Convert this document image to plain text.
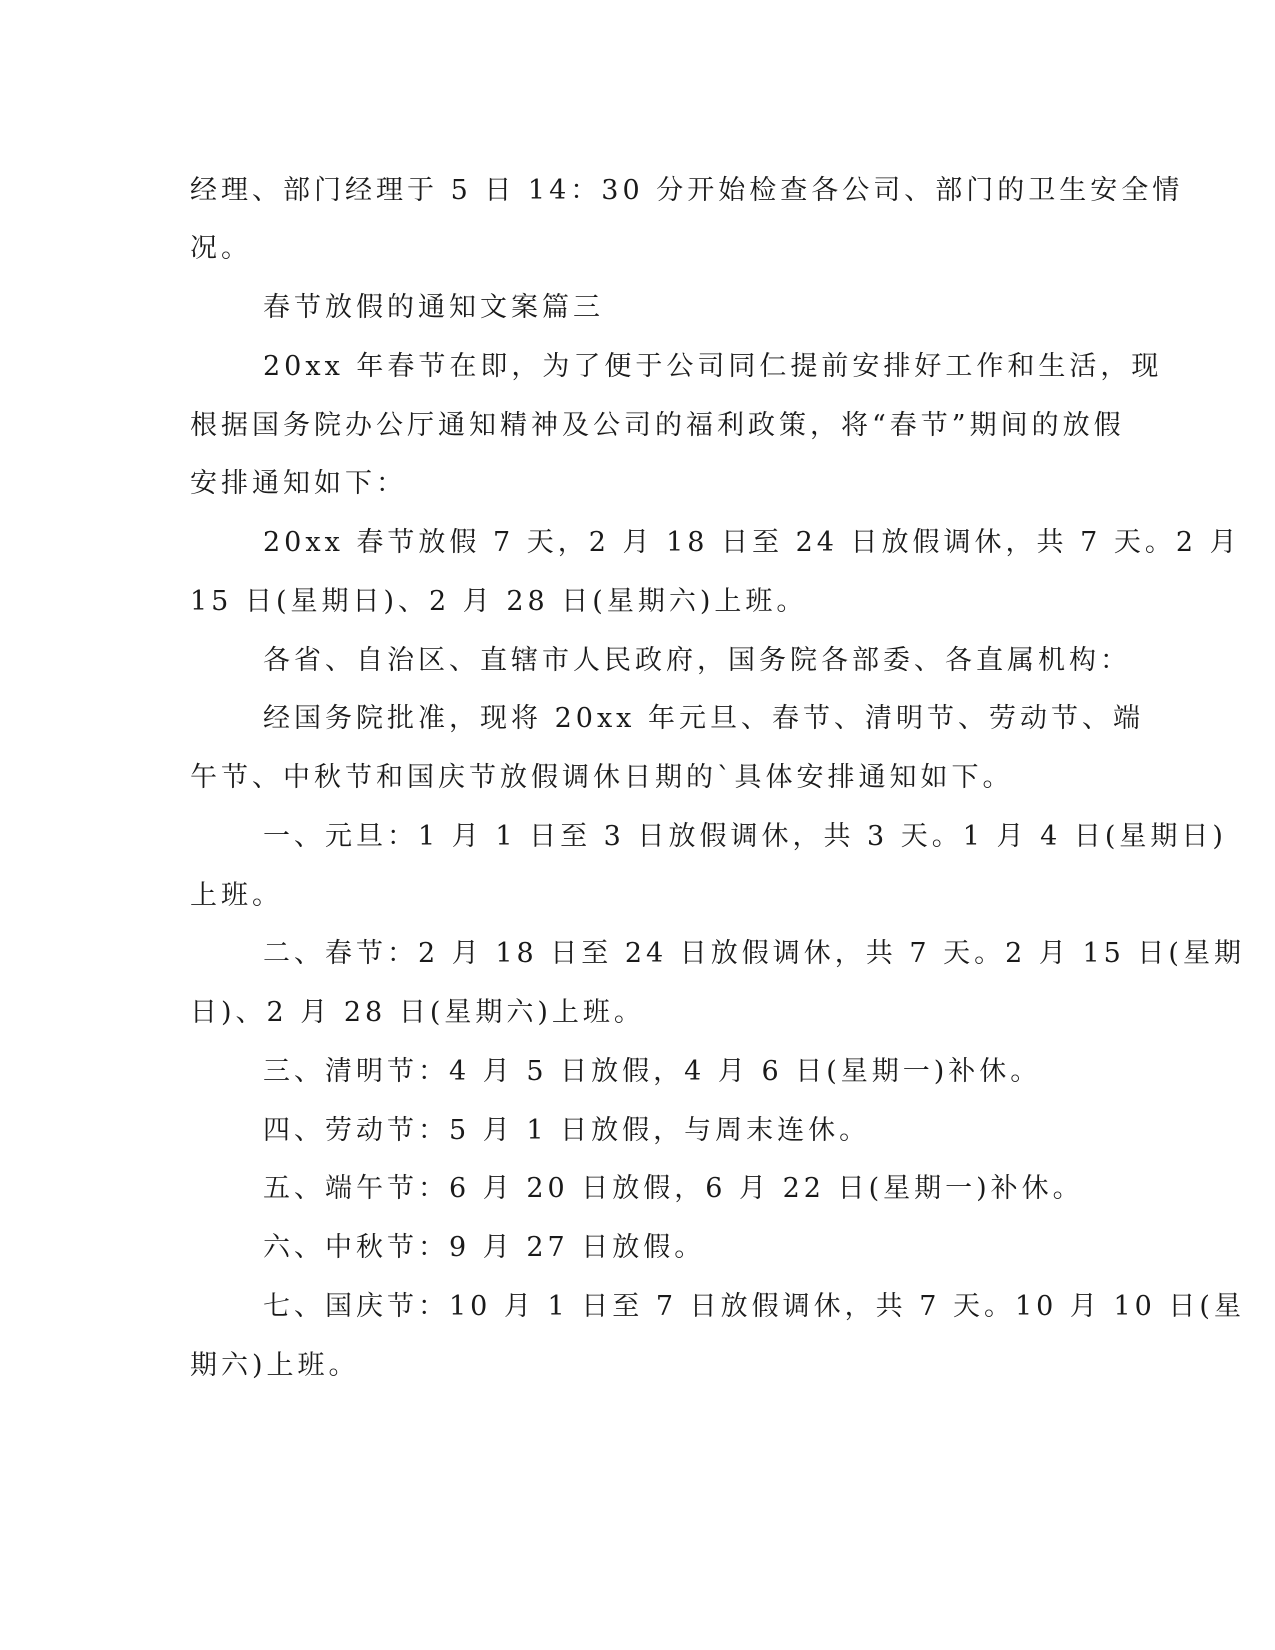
经理、部门经理于 5 日 14：30 分开始检查各公司、部门的卫生安全情
况。
春节放假的通知文案篇三
20xx 年春节在即，为了便于公司同仁提前安排好工作和生活，现
根据国务院办公厅通知精神及公司的福利政策，将“春节”期间的放假
安排通知如下：
20xx 春节放假 7 天，2 月 18 日至 24 日放假调休，共 7 天。2 月
15 日(星期日)、2 月 28 日(星期六)上班。
各省、自治区、直辖市人民政府，国务院各部委、各直属机构：
经国务院批准，现将 20xx 年元旦、春节、清明节、劳动节、端
午节、中秋节和国庆节放假调休日期的`具体安排通知如下。
一、元旦：1 月 1 日至 3 日放假调休，共 3 天。1 月 4 日(星期日)
上班。
二、春节：2 月 18 日至 24 日放假调休，共 7 天。2 月 15 日(星期
日)、2 月 28 日(星期六)上班。
三、清明节：4 月 5 日放假，4 月 6 日(星期一)补休。
四、劳动节：5 月 1 日放假，与周末连休。
五、端午节：6 月 20 日放假，6 月 22 日(星期一)补休。
六、中秋节：9 月 27 日放假。
七、国庆节：10 月 1 日至 7 日放假调休，共 7 天。10 月 10 日(星
期六)上班。
